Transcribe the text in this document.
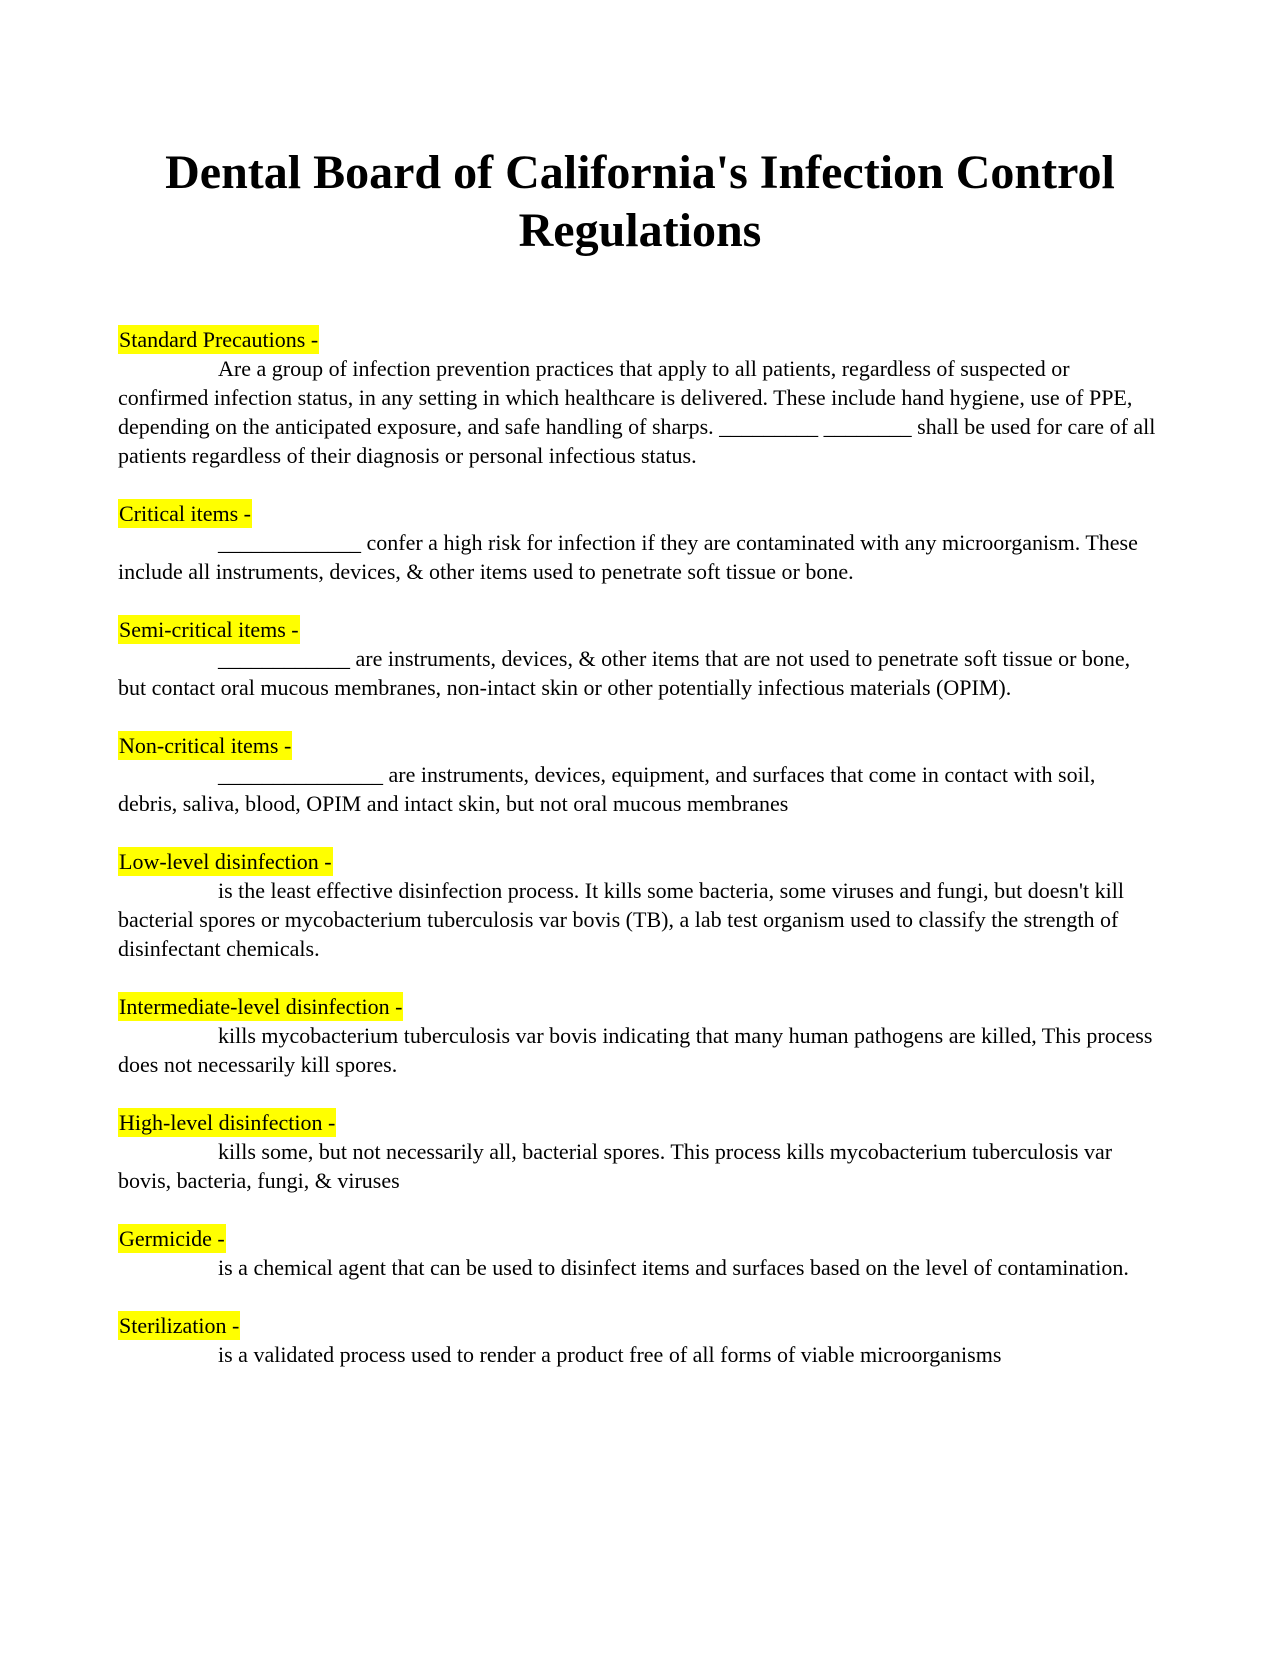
Dental Board of California's Infection Control Regulations
Standard Precautions -
Are a group of infection prevention practices that apply to all patients, regardless of suspected or confirmed infection status, in any setting in which healthcare is delivered. These include hand hygiene, use of PPE, depending on the anticipated exposure, and safe handling of sharps. _________ ________ shall be used for care of all patients regardless of their diagnosis or personal infectious status.
Critical items -
_____________ confer a high risk for infection if they are contaminated with any microorganism. These include all instruments, devices, & other items used to penetrate soft tissue or bone.
Semi-critical items -
____________ are instruments, devices, & other items that are not used to penetrate soft tissue or bone, but contact oral mucous membranes, non-intact skin or other potentially infectious materials (OPIM).
Non-critical items -
_______________ are instruments, devices, equipment, and surfaces that come in contact with soil, debris, saliva, blood, OPIM and intact skin, but not oral mucous membranes
Low-level disinfection -
is the least effective disinfection process. It kills some bacteria, some viruses and fungi, but doesn't kill bacterial spores or mycobacterium tuberculosis var bovis (TB), a lab test organism used to classify the strength of disinfectant chemicals.
Intermediate-level disinfection -
kills mycobacterium tuberculosis var bovis indicating that many human pathogens are killed, This process does not necessarily kill spores.
High-level disinfection -
kills some, but not necessarily all, bacterial spores. This process kills mycobacterium tuberculosis var bovis, bacteria, fungi, & viruses
Germicide -
is a chemical agent that can be used to disinfect items and surfaces based on the level of contamination.
Sterilization -
is a validated process used to render a product free of all forms of viable microorganisms
